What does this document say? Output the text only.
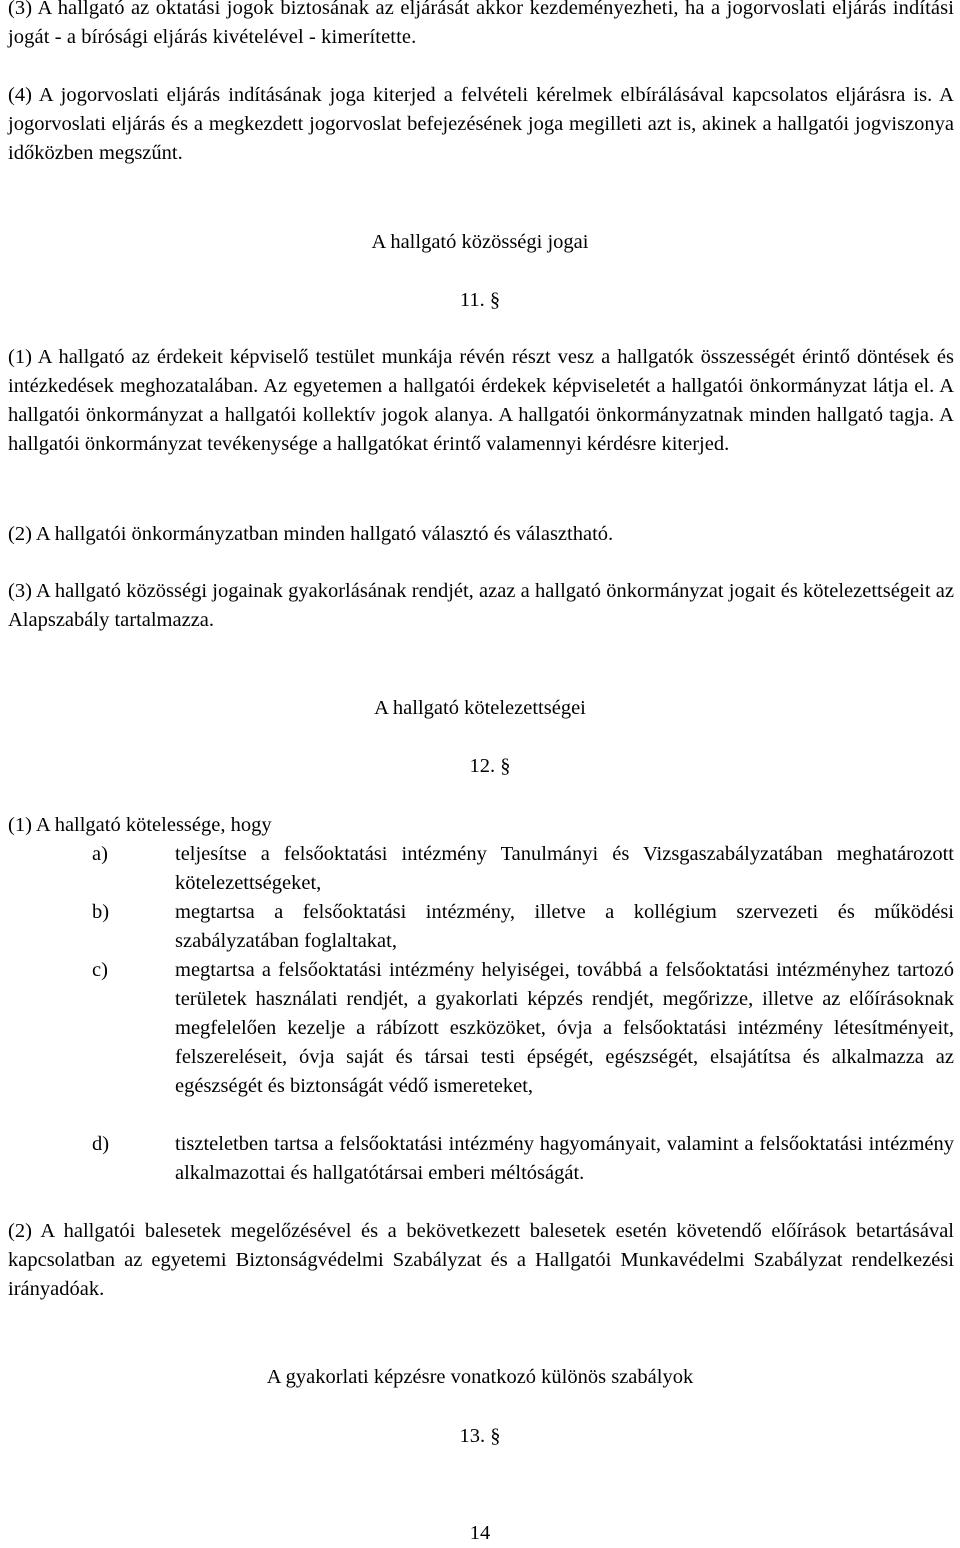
(3) A hallgató az oktatási jogok biztosának az eljárását akkor kezdeményezheti, ha a jogorvoslati eljárás indítási jogát - a bírósági eljárás kivételével - kimerítette.
(4) A jogorvoslati eljárás indításának joga kiterjed a felvételi kérelmek elbírálásával kapcsolatos eljárásra is. A jogorvoslati eljárás és a megkezdett jogorvoslat befejezésének joga megilleti azt is, akinek a hallgatói jogviszonya időközben megszűnt.
A hallgató közösségi jogai
11. §
(1) A hallgató az érdekeit képviselő testület munkája révén részt vesz a hallgatók összességét érintő döntések és intézkedések meghozatalában. Az egyetemen a hallgatói érdekek képviseletét a hallgatói önkormányzat látja el. A hallgatói önkormányzat a hallgatói kollektív jogok alanya. A hallgatói önkormányzatnak minden hallgató tagja. A hallgatói önkormányzat tevékenysége a hallgatókat érintő valamennyi kérdésre kiterjed.
(2) A hallgatói önkormányzatban minden hallgató választó és választható.
(3) A hallgató közösségi jogainak gyakorlásának rendjét, azaz a hallgató önkormányzat jogait és kötelezettségeit az Alapszabály tartalmazza.
A hallgató kötelezettségei
12. §
(1) A hallgató kötelessége, hogy
a)	teljesítse a felsőoktatási intézmény Tanulmányi és Vizsgaszabályzatában meghatározott kötelezettségeket,
b)	megtartsa a felsőoktatási intézmény, illetve a kollégium szervezeti és működési szabályzatában foglaltakat,
c)	megtartsa a felsőoktatási intézmény helyiségei, továbbá a felsőoktatási intézményhez tartozó területek használati rendjét, a gyakorlati képzés rendjét, megőrizze, illetve az előírásoknak megfelelően kezelje a rábízott eszközöket, óvja a felsőoktatási intézmény létesítményeit, felszereléseit, óvja saját és társai testi épségét, egészségét, elsajátítsa és alkalmazza az egészségét és biztonságát védő ismereteket,
d)	tiszteletben tartsa a felsőoktatási intézmény hagyományait, valamint a felsőoktatási intézmény alkalmazottai és hallgatótársai emberi méltóságát.
(2) A hallgatói balesetek megelőzésével és a bekövetkezett balesetek esetén követendő előírások betartásával kapcsolatban az egyetemi Biztonságvédelmi Szabályzat és a Hallgatói Munkavédelmi Szabályzat rendelkezési irányadóak.
A gyakorlati képzésre vonatkozó különös szabályok
13. §
14
